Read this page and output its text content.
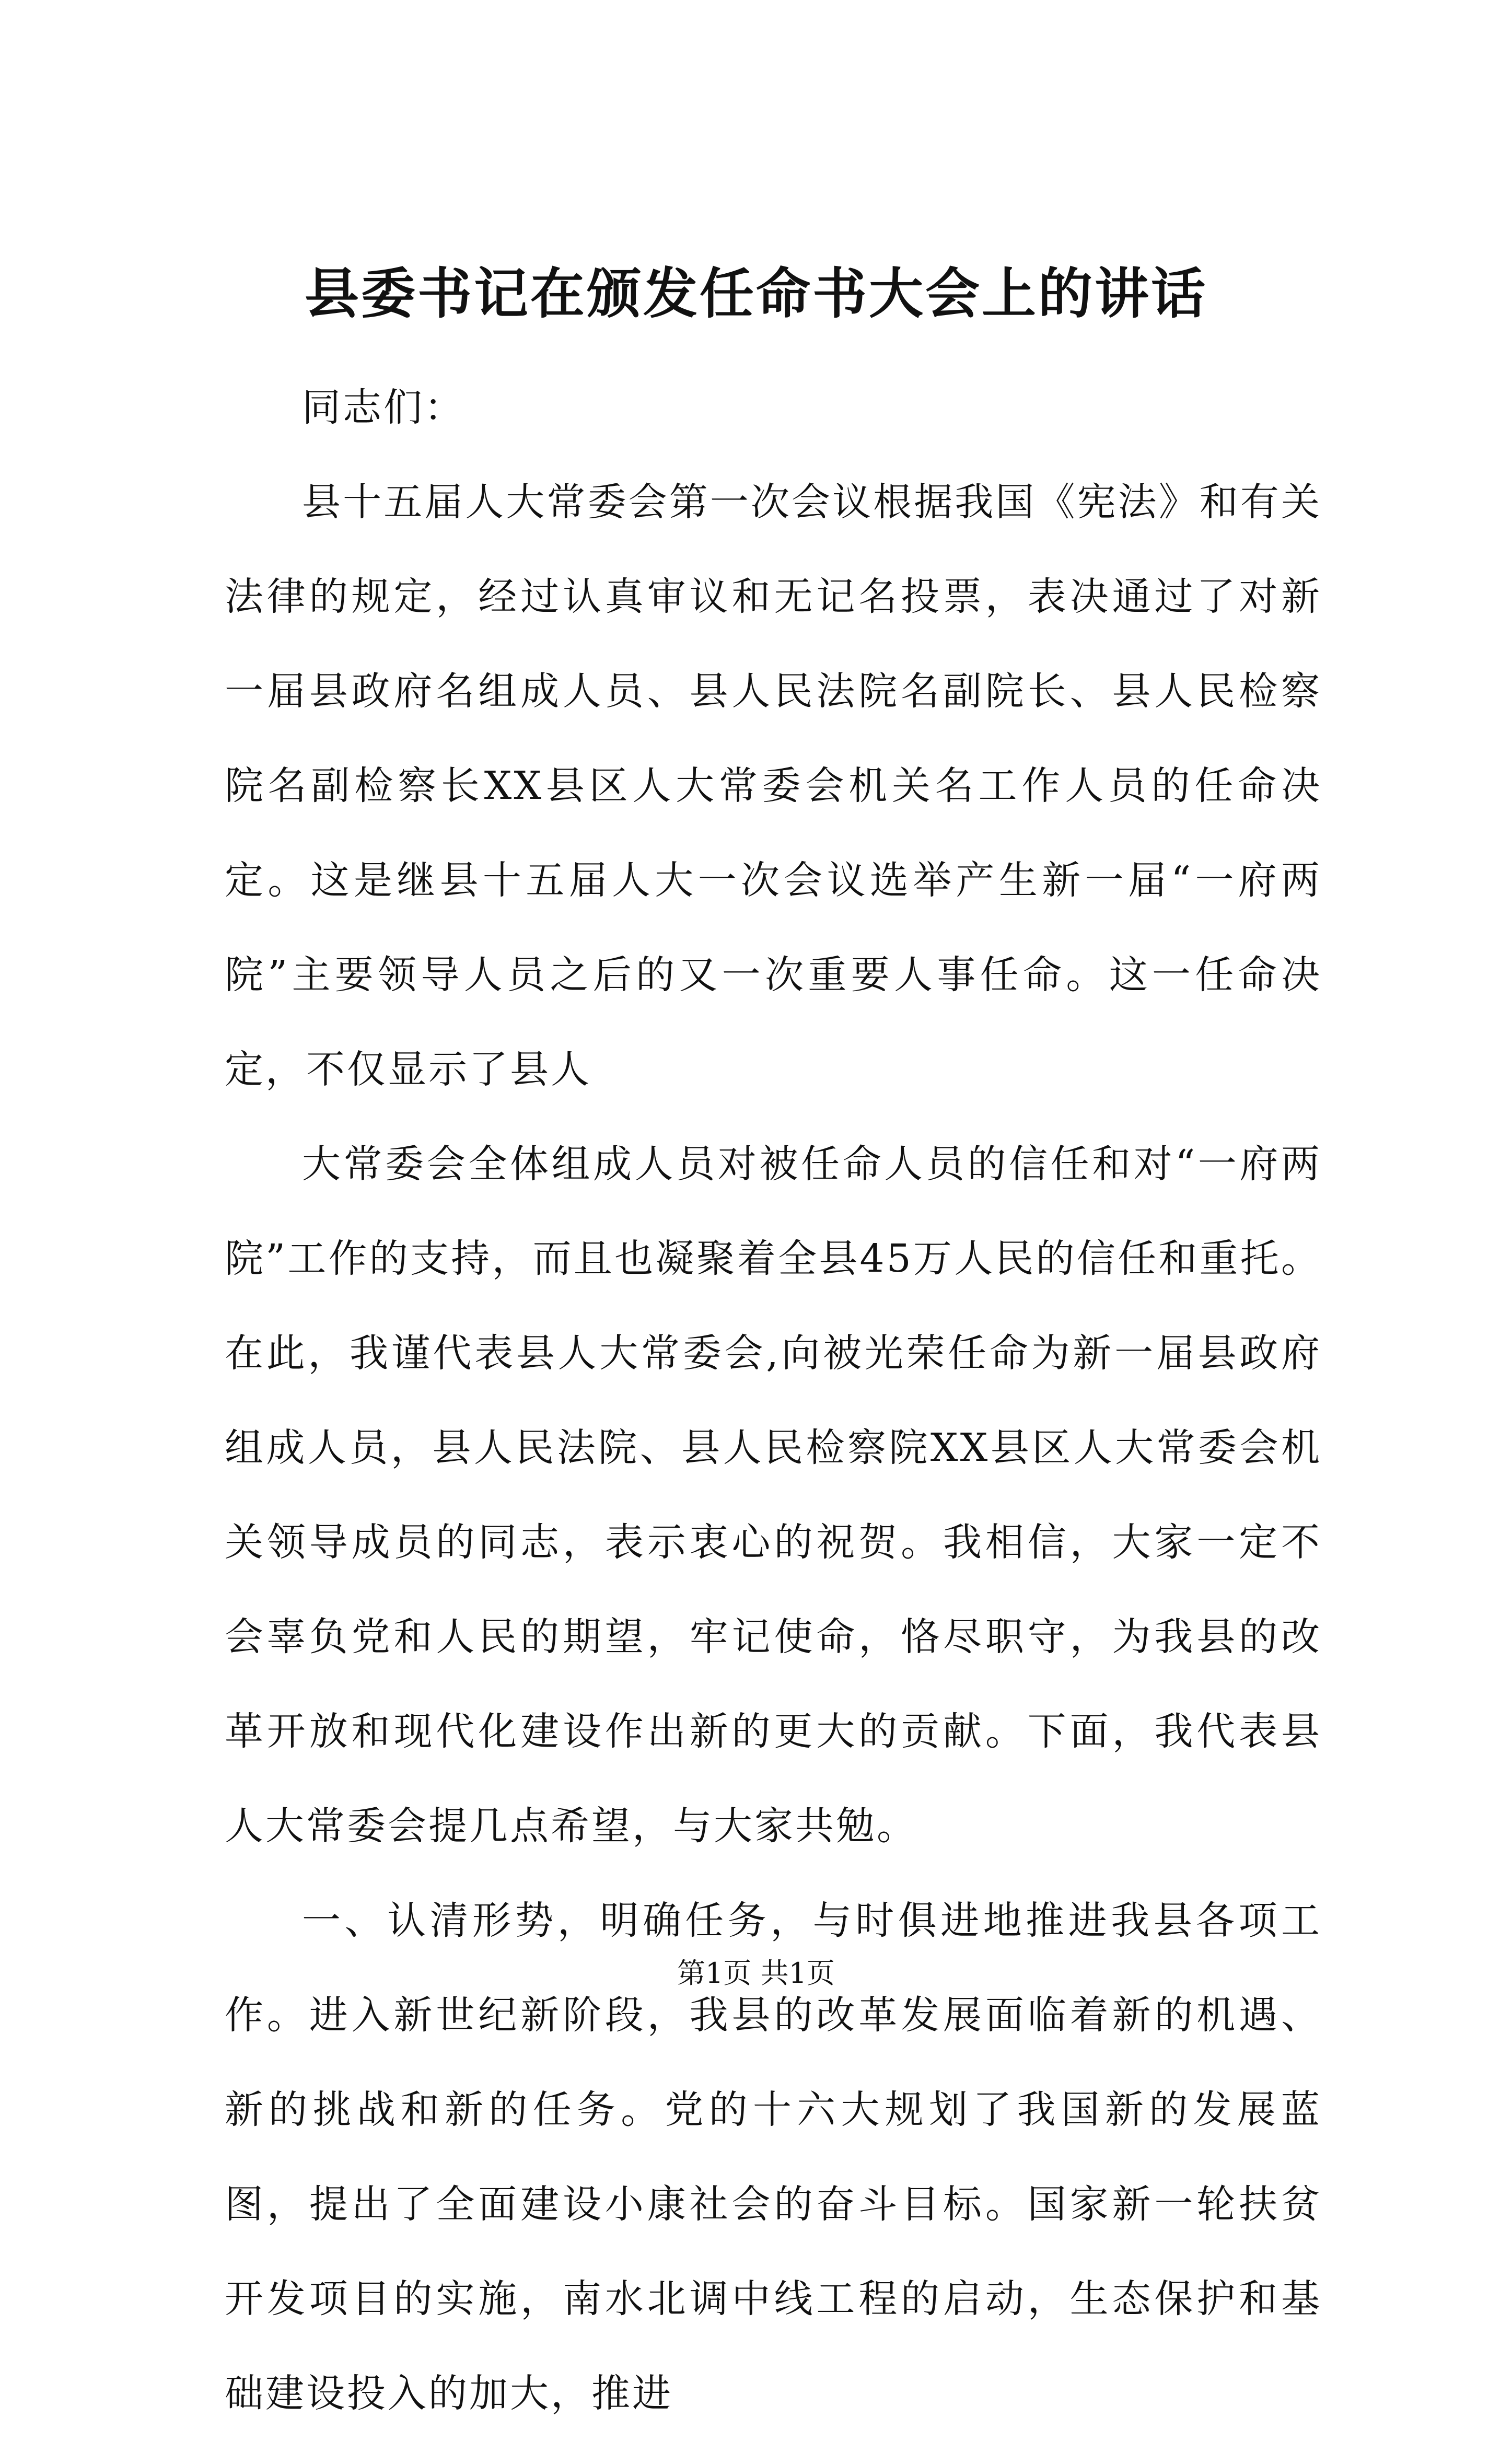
县委书记在颁发任命书大会上的讲话

同志们：

县十五届人大常委会第一次会议根据我国《宪法》和有关法律的规定，经过认真审议和无记名投票，表决通过了对新一届县政府名组成人员、县人民法院名副院长、县人民检察院名副检察长XX县区人大常委会机关名工作人员的任命决定。这是继县十五届人大一次会议选举产生新一届“一府两院”主要领导人员之后的又一次重要人事任命。这一任命决定，不仅显示了县人

大常委会全体组成人员对被任命人员的信任和对“一府两院”工作的支持，而且也凝聚着全县45万人民的信任和重托。在此，我谨代表县人大常委会,向被光荣任命为新一届县政府组成人员，县人民法院、县人民检察院XX县区人大常委会机关领导成员的同志，表示衷心的祝贺。我相信，大家一定不会辜负党和人民的期望，牢记使命，恪尽职守，为我县的改革开放和现代化建设作出新的更大的贡献。下面，我代表县人大常委会提几点希望，与大家共勉。

一、认清形势，明确任务，与时俱进地推进我县各项工作。进入新世纪新阶段，我县的改革发展面临着新的机遇、新的挑战和新的任务。党的十六大规划了我国新的发展蓝图，提出了全面建设小康社会的奋斗目标。国家新一轮扶贫开发项目的实施，南水北调中线工程的启动，生态保护和基础建设投入的加大，推进

第1页 共1页
